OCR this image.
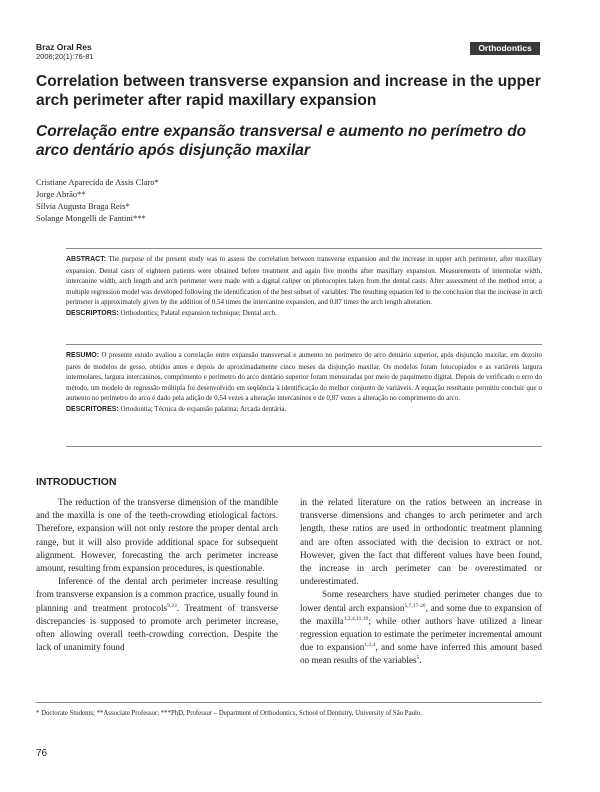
Braz Oral Res
2006;20(1):76-81
Orthodontics
Correlation between transverse expansion and increase in the upper arch perimeter after rapid maxillary expansion
Correlação entre expansão transversal e aumento no perímetro do arco dentário após disjunção maxilar
Cristiane Aparecida de Assis Claro*
Jorge Abrão**
Sílvia Augusta Braga Reis*
Solange Mongelli de Fantini***
ABSTRACT: The purpose of the present study was to assess the correlation between transverse expansion and the increase in upper arch perimeter, after maxillary expansion. Dental casts of eighteen patients were obtained before treatment and again five months after maxillary expansion. Measurements of intermolar width, intercanine width, arch length and arch perimeter were made with a digital caliper on photocopies taken from the dental casts. After assessment of the method error, a multiple regression model was developed following the identification of the best subset of variables. The resulting equation led to the conclusion that the increase in arch perimeter is approximately given by the addition of 0.54 times the intercanine expansion, and 0.87 times the arch length alteration.
DESCRIPTORS: Orthodontics; Palatal expansion technique; Dental arch.
RESUMO: O presente estudo avaliou a correlação entre expansão transversal e aumento no perímetro do arco dentário superior, após disjunção maxilar, em dezoito pares de modelos de gesso, obtidos antes e depois de aproximadamente cinco meses da disjunção maxilar. Os modelos foram fotocopiados e as variáveis largura intermolares, largura intercaninos, comprimento e perímetro do arco dentário superior foram mensuradas por meio de paquímetro digital. Depois de verificado o erro do método, um modelo de regressão múltipla foi desenvolvido em seqüência à identificação do melhor conjunto de variáveis. A equação resultante permitiu concluir que o aumento no perímetro do arco é dado pela adição de 0,54 vezes a alteração intercaninos e de 0,87 vezes a alteração no comprimento do arco.
DESCRITORES: Ortodontia; Técnica de expansão palatina; Arcada dentária.
INTRODUCTION

The reduction of the transverse dimension of the mandible and the maxilla is one of the teeth-crowding etiological factors. Therefore, expansion will not only restore the proper dental arch range, but it will also provide additional space for subsequent alignment. However, forecasting the arch perimeter increase amount, resulting from expansion procedures, is questionable.

Inference of the dental arch perimeter increase resulting from transverse expansion is a common practice, usually found in planning and treatment protocols$^{9,23}$. Treatment of transverse discrepancies is supposed to promote arch perimeter increase, often allowing overall teeth-crowding correction. Despite the lack of unanimity found

in the related literature on the ratios between an increase in transverse dimensions and changes to arch perimeter and arch length, these ratios are used in orthodontic treatment planning and are often associated with the decision to extract or not. However, given the fact that different values have been found, the increase in arch perimeter can be overestimated or underestimated.

Some researchers have studied perimeter changes due to lower dental arch expansion$^{5,7,17-20}$, and some due to expansion of the maxilla$^{1,2,4,11,19}$; while other authors have utilized a linear regression equation to estimate the perimeter incremental amount due to expansion$^{1,2,4}$, and some have inferred this amount based on mean results of the variables$^5$.

* Doctorate Students; **Associate Professor; ***PhD, Professor – Department of Orthodontics, School of Dentistry, University of São Paulo.
76
